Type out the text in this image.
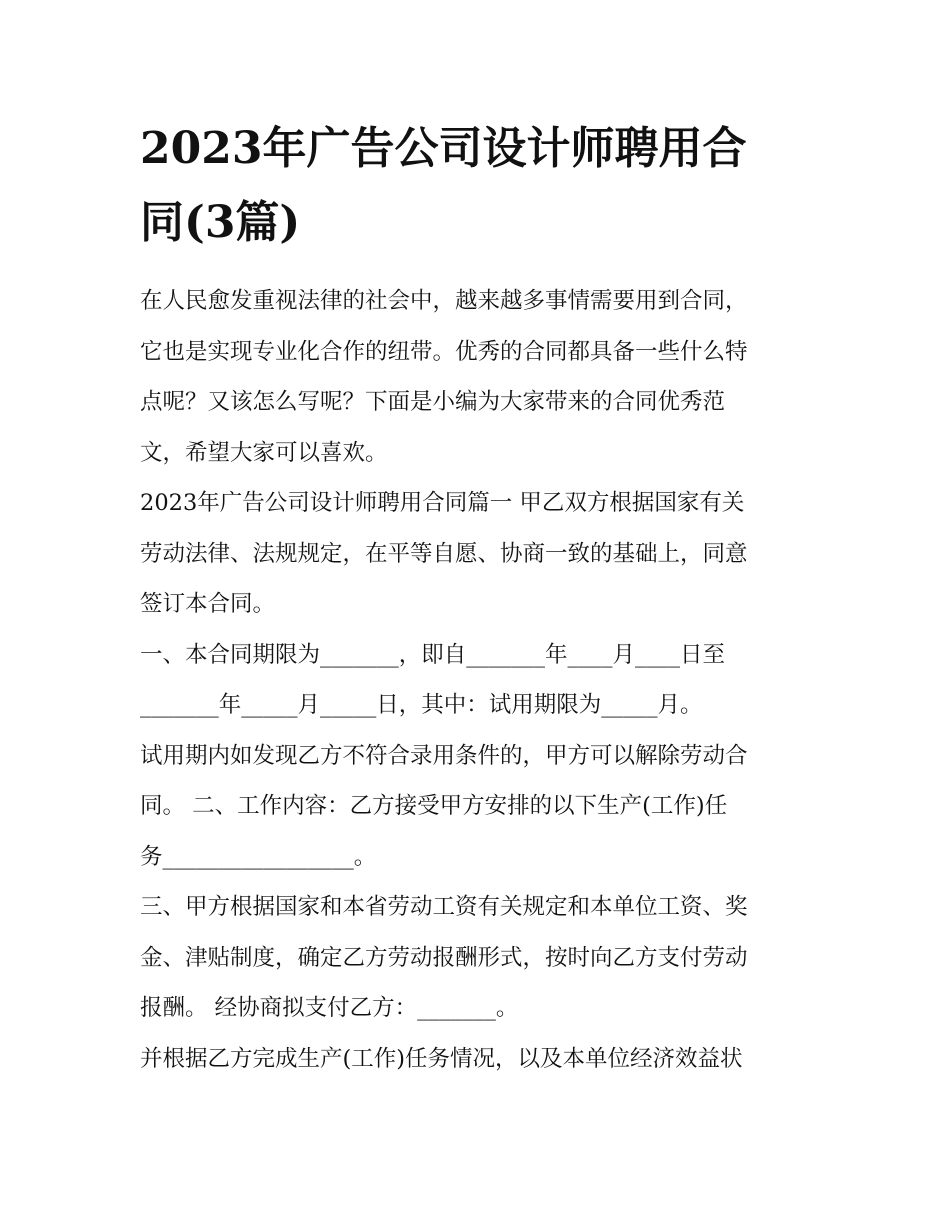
2023年广告公司设计师聘用合
同(3篇)

在人民愈发重视法律的社会中，越来越多事情需要用到合同，
它也是实现专业化合作的纽带。优秀的合同都具备一些什么特
点呢？又该怎么写呢？下面是小编为大家带来的合同优秀范
文，希望大家可以喜欢。

2023年广告公司设计师聘用合同篇一 甲乙双方根据国家有关
劳动法律、法规规定，在平等自愿、协商一致的基础上，同意
签订本合同。

一、本合同期限为_______，即自_______年____月____日至
_______年_____月_____日，其中：试用期限为_____月。

试用期内如发现乙方不符合录用条件的，甲方可以解除劳动合
同。 二、工作内容：乙方接受甲方安排的以下生产(工作)任
务_________________。

三、甲方根据国家和本省劳动工资有关规定和本单位工资、奖
金、津贴制度，确定乙方劳动报酬形式，按时向乙方支付劳动
报酬。 经协商拟支付乙方：_______。

并根据乙方完成生产(工作)任务情况，以及本单位经济效益状
